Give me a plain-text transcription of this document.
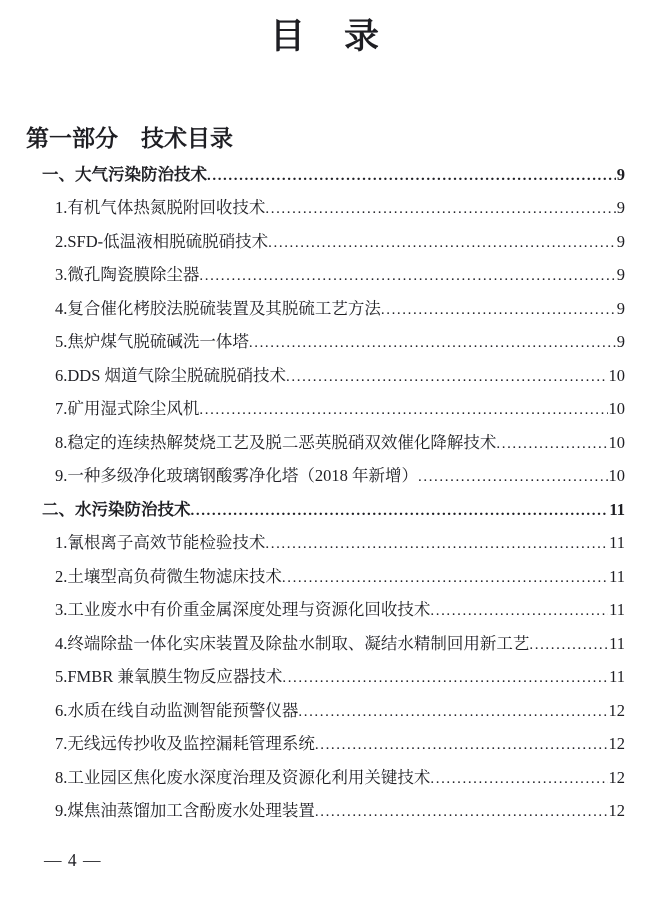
目　录
第一部分　技术目录
一、大气污染防治技术 .....	9
1.有机气体热氮脱附回收技术 .....	9
2.SFD-低温液相脱硫脱硝技术 .....	9
3.微孔陶瓷膜除尘器 .....	9
4.复合催化栲胶法脱硫装置及其脱硫工艺方法 .....	9
5.焦炉煤气脱硫碱洗一体塔 .....	9
6.DDS 烟道气除尘脱硫脱硝技术 .....	10
7.矿用湿式除尘风机 .....	10
8.稳定的连续热解焚烧工艺及脱二恶英脱硝双效催化降解技术 .....	10
9.一种多级净化玻璃钢酸雾净化塔（2018 年新增） .....	10
二、水污染防治技术 .....	11
1.氰根离子高效节能检验技术 .....	11
2.土壤型高负荷微生物滤床技术 .....	11
3.工业废水中有价重金属深度处理与资源化回收技术 .....	11
4.终端除盐一体化实床装置及除盐水制取、凝结水精制回用新工艺 .....	11
5.FMBR 兼氧膜生物反应器技术 .....	11
6.水质在线自动监测智能预警仪器 .....	12
7.无线远传抄收及监控漏耗管理系统 .....	12
8.工业园区焦化废水深度治理及资源化利用关键技术 .....	12
9.煤焦油蒸馏加工含酚废水处理装置 .....	12
— 4 —
